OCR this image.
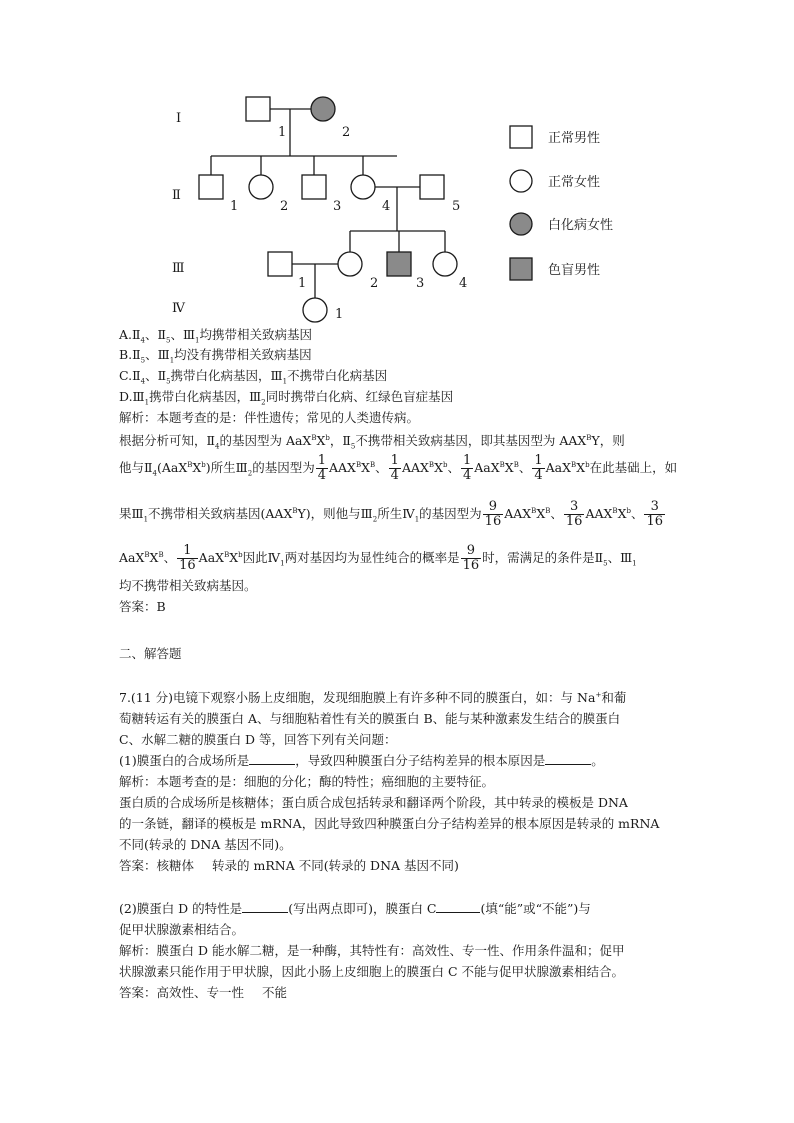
Ⅰ
Ⅱ
Ⅲ
Ⅳ
1	2
1	2	3	4	5
1	2	3	4
1
正常男性
正常女性
白化病女性
色盲男性
$A.Ⅱ_4$、$Ⅱ_5$、$Ⅲ_1$均携带相关致病基因
$B.Ⅱ_5$、$Ⅲ_1$均没有携带相关致病基因
$C.Ⅱ_4$、$Ⅱ_5$携带白化病基因，$Ⅲ_1$不携带白化病基因
$D.Ⅲ_1$携带白化病基因，$Ⅲ_2$同时携带白化病、红绿色盲症基因
解析：本题考查的是：伴性遗传；常见的人类遗传病。
根据分析可知，$Ⅱ_4$的基因型为 $AaX^BX^b$，$Ⅱ_5$不携带相关致病基因，即其基因型为 $AAX^BY$，则
他与$Ⅱ_4(AaX^BX^b)$所生$Ⅲ_2$的基因型为 $\frac{1}{4} AAX^BX^B$、 $\frac{1}{4} AAX^BX^b$、 $\frac{1}{4} AaX^BX^B$、 $\frac{1}{4} AaX^BX^b$在此基础上，如
果$Ⅲ_1$不携带相关致病基因$(AAX^BY)$，则他与$Ⅲ_2$所生$Ⅳ_1$的基因型为 $\frac{9}{16} AAX^BX^B$、 $\frac{3}{16} AAX^BX^b$、 $\frac{3}{16}$
$AaX^BX^B$、 $\frac{1}{16} AaX^BX^b$因此$Ⅳ_1$两对基因均为显性纯合的概率是 $\frac{9}{16}$ 时，需满足的条件是$Ⅱ_5$、$Ⅲ_1$
均不携带相关致病基因。
答案：B
二、解答题
7.(11 分)电镜下观察小肠上皮细胞，发现细胞膜上有许多种不同的膜蛋白，如：与 Na+和葡
萄糖转运有关的膜蛋白 A、与细胞粘着性有关的膜蛋白 B、能与某种激素发生结合的膜蛋白
C、水解二糖的膜蛋白 D 等，回答下列有关问题：
(1)膜蛋白的合成场所是	，导致四种膜蛋白分子结构差异的根本原因是	。
解析：本题考查的是：细胞的分化；酶的特性；癌细胞的主要特征。
蛋白质的合成场所是核糖体；蛋白质合成包括转录和翻译两个阶段，其中转录的模板是 DNA
的一条链，翻译的模板是 mRNA，因此导致四种膜蛋白分子结构差异的根本原因是转录的 mRNA
不同(转录的 DNA 基因不同)。
答案：核糖体 转录的 mRNA 不同(转录的 DNA 基因不同)
(2)膜蛋白 D 的特性是	(写出两点即可)，膜蛋白 C	(填“能”或“不能”)与
促甲状腺激素相结合。
解析：膜蛋白 D 能水解二糖，是一种酶，其特性有：高效性、专一性、作用条件温和；促甲
状腺激素只能作用于甲状腺，因此小肠上皮细胞上的膜蛋白 C 不能与促甲状腺激素相结合。
答案：高效性、专一性 不能
